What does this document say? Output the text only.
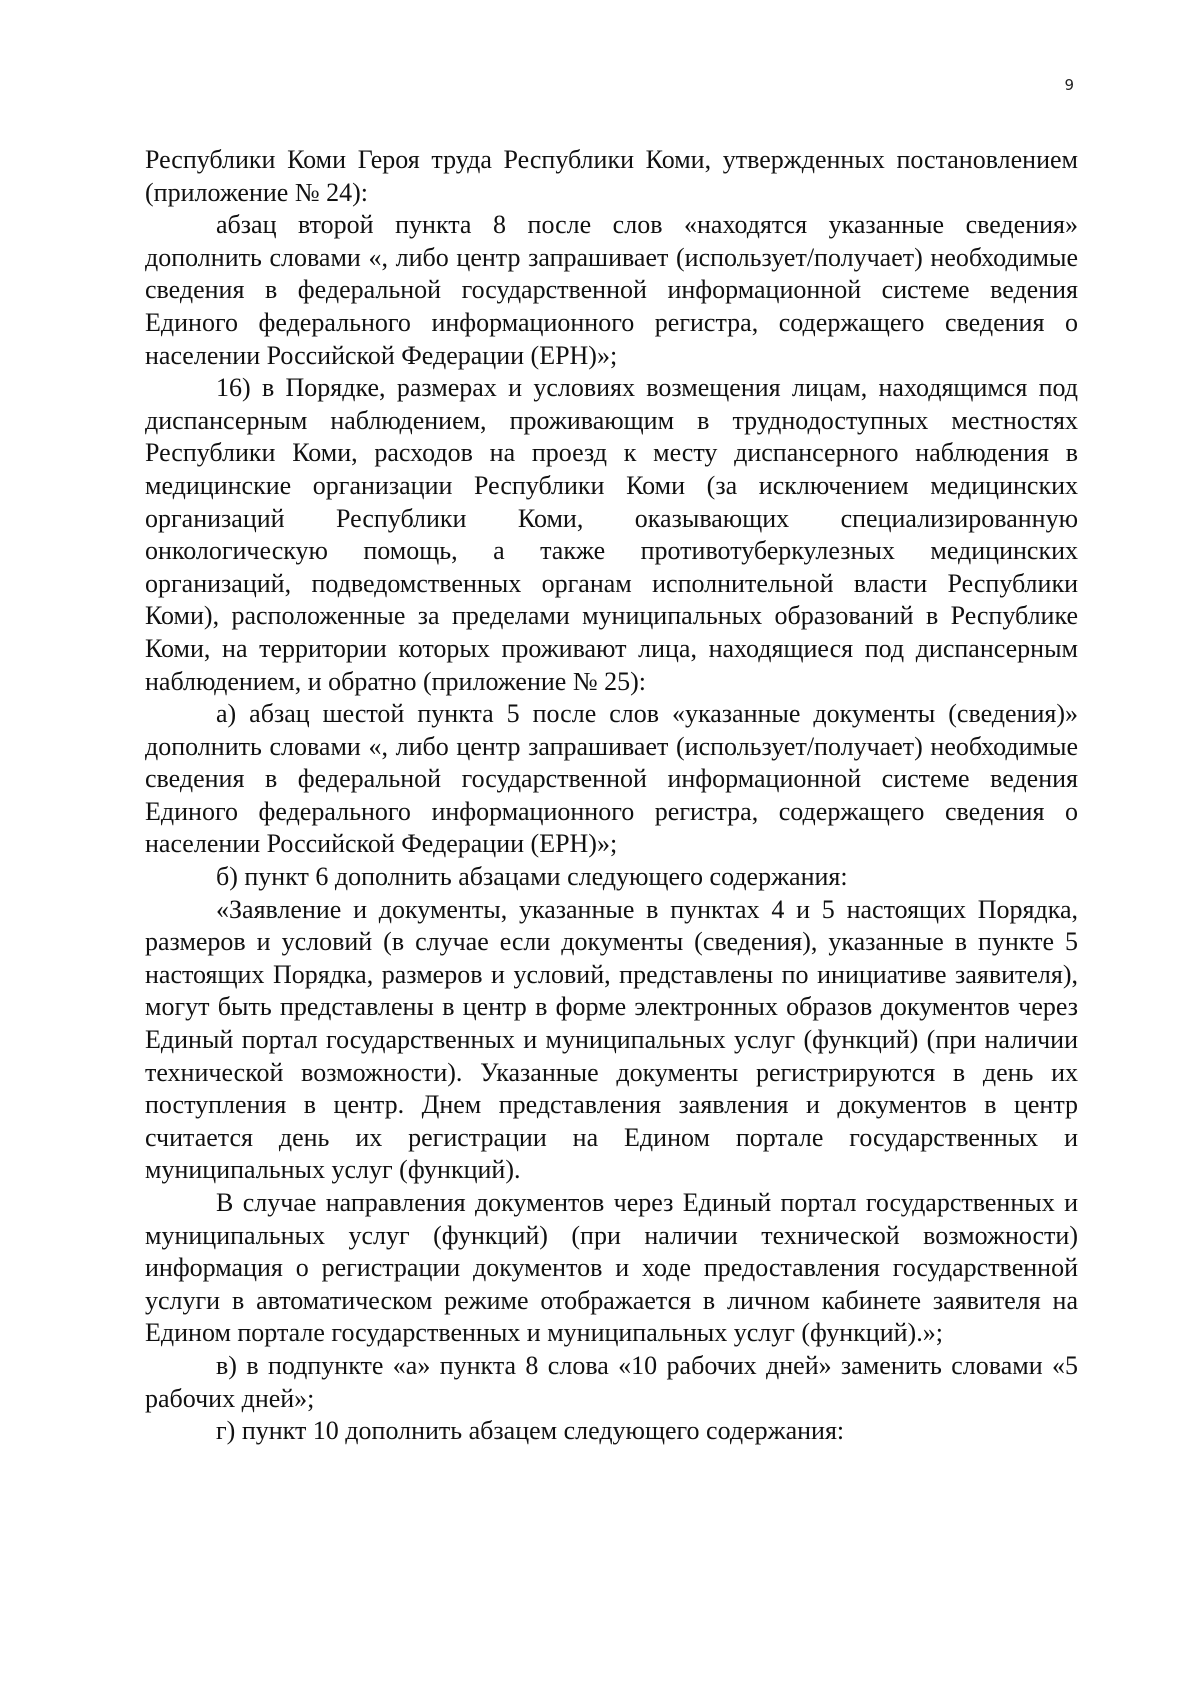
9

Республики Коми Героя труда Республики Коми, утвержденных постановлением (приложение № 24):

абзац второй пункта 8 после слов «находятся указанные сведения» дополнить словами «, либо центр запрашивает (использует/получает) необходимые сведения в федеральной государственной информационной системе ведения Единого федерального информационного регистра, содержащего сведения о населении Российской Федерации (ЕРН)»;

16) в Порядке, размерах и условиях возмещения лицам, находящимся под диспансерным наблюдением, проживающим в труднодоступных местностях Республики Коми, расходов на проезд к месту диспансерного наблюдения в медицинские организации Республики Коми (за исключением медицинских организаций Республики Коми, оказывающих специализированную онкологическую помощь, а также противотуберкулезных медицинских организаций, подведомственных органам исполнительной власти Республики Коми), расположенные за пределами муниципальных образований в Республике Коми, на территории которых проживают лица, находящиеся под диспансерным наблюдением, и обратно (приложение № 25):

а) абзац шестой пункта 5 после слов «указанные документы (сведения)» дополнить словами «, либо центр запрашивает (использует/получает) необходимые сведения в федеральной государственной информационной системе ведения Единого федерального информационного регистра, содержащего сведения о населении Российской Федерации (ЕРН)»;

б) пункт 6 дополнить абзацами следующего содержания:

«Заявление и документы, указанные в пунктах 4 и 5 настоящих Порядка, размеров и условий (в случае если документы (сведения), указанные в пункте 5 настоящих Порядка, размеров и условий, представлены по инициативе заявителя), могут быть представлены в центр в форме электронных образов документов через Единый портал государственных и муниципальных услуг (функций) (при наличии технической возможности). Указанные документы регистрируются в день их поступления в центр. Днем представления заявления и документов в центр считается день их регистрации на Едином портале государственных и муниципальных услуг (функций).

В случае направления документов через Единый портал государственных и муниципальных услуг (функций) (при наличии технической возможности) информация о регистрации документов и ходе предоставления государственной услуги в автоматическом режиме отображается в личном кабинете заявителя на Едином портале государственных и муниципальных услуг (функций).»;

в) в подпункте «а» пункта 8 слова «10 рабочих дней» заменить словами «5 рабочих дней»;

г) пункт 10 дополнить абзацем следующего содержания:
